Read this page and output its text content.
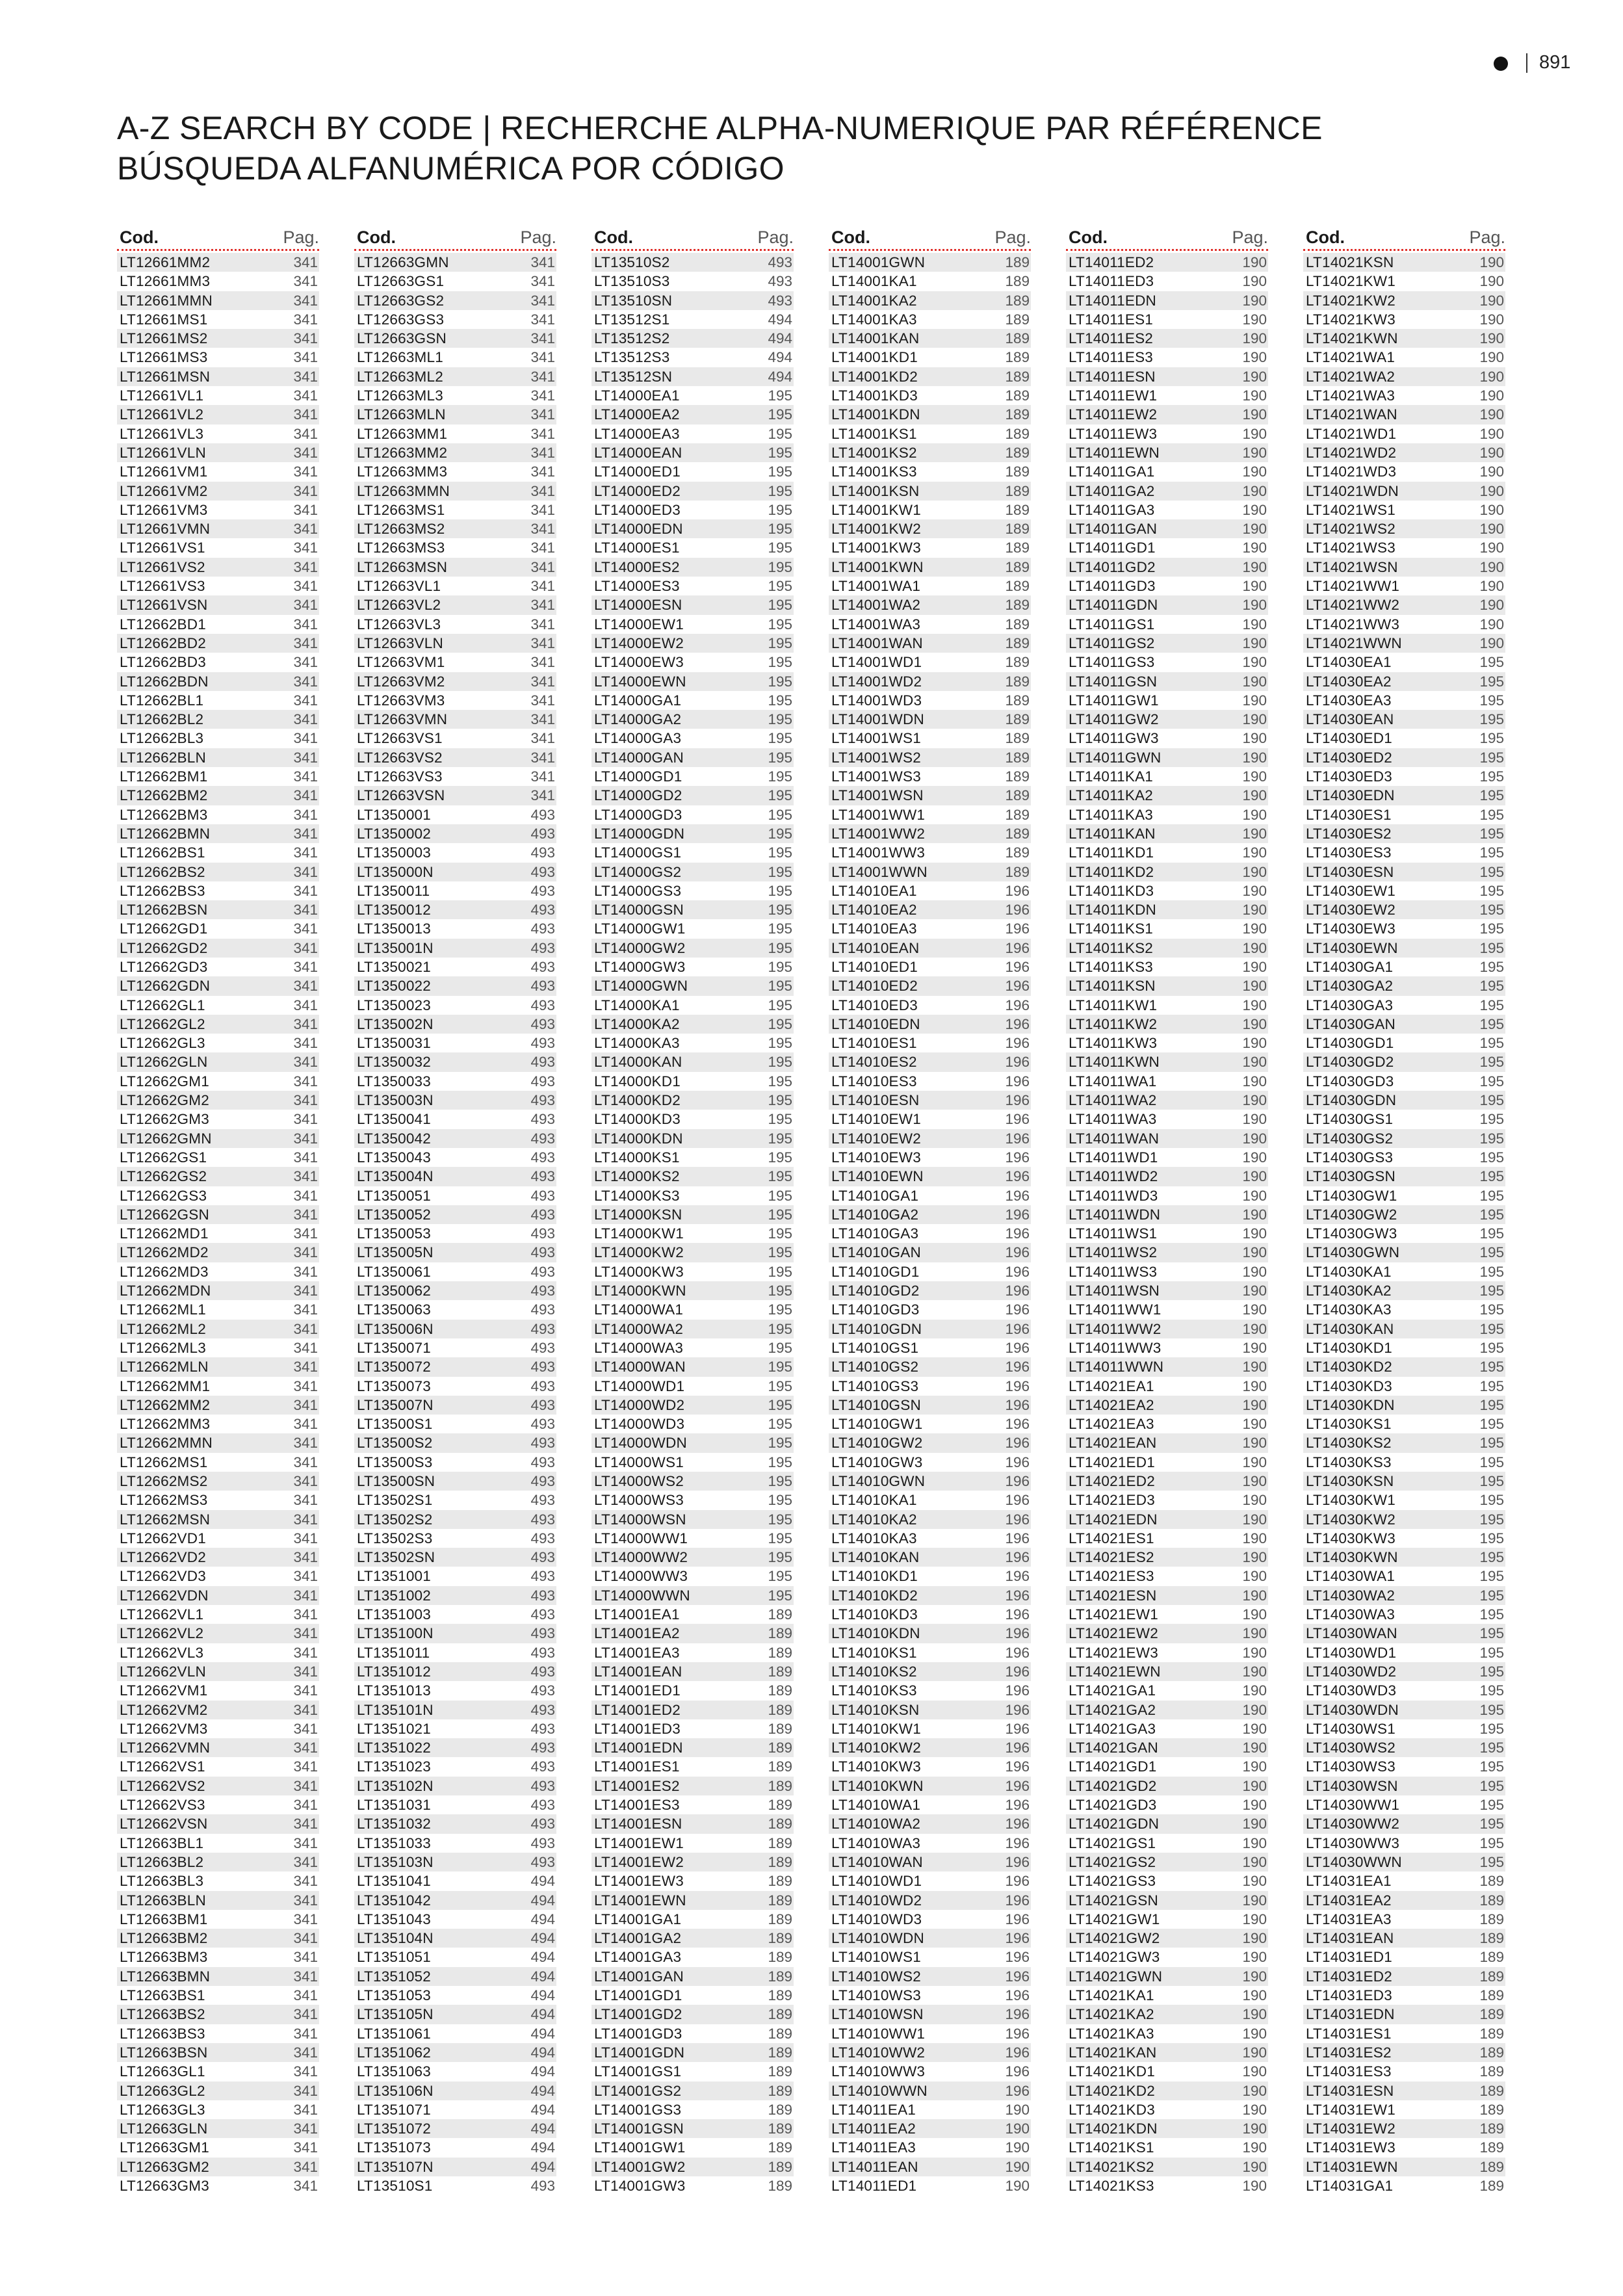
891
A-Z SEARCH BY CODE | RECHERCHE ALPHA-NUMERIQUE PAR RÉFÉRENCE
BÚSQUEDA ALFANUMÉRICA POR CÓDIGO
Cod.	Pag.
LT12661MM2	341
LT12661MM3	341
LT12661MMN	341
LT12661MS1	341
LT12661MS2	341
LT12661MS3	341
LT12661MSN	341
LT12661VL1	341
LT12661VL2	341
LT12661VL3	341
LT12661VLN	341
LT12661VM1	341
LT12661VM2	341
LT12661VM3	341
LT12661VMN	341
LT12661VS1	341
LT12661VS2	341
LT12661VS3	341
LT12661VSN	341
LT12662BD1	341
LT12662BD2	341
LT12662BD3	341
LT12662BDN	341
LT12662BL1	341
LT12662BL2	341
LT12662BL3	341
LT12662BLN	341
LT12662BM1	341
LT12662BM2	341
LT12662BM3	341
LT12662BMN	341
LT12662BS1	341
LT12662BS2	341
LT12662BS3	341
LT12662BSN	341
LT12662GD1	341
LT12662GD2	341
LT12662GD3	341
LT12662GDN	341
LT12662GL1	341
LT12662GL2	341
LT12662GL3	341
LT12662GLN	341
LT12662GM1	341
LT12662GM2	341
LT12662GM3	341
LT12662GMN	341
LT12662GS1	341
LT12662GS2	341
LT12662GS3	341
LT12662GSN	341
LT12662MD1	341
LT12662MD2	341
LT12662MD3	341
LT12662MDN	341
LT12662ML1	341
LT12662ML2	341
LT12662ML3	341
LT12662MLN	341
LT12662MM1	341
LT12662MM2	341
LT12662MM3	341
LT12662MMN	341
LT12662MS1	341
LT12662MS2	341
LT12662MS3	341
LT12662MSN	341
LT12662VD1	341
LT12662VD2	341
LT12662VD3	341
LT12662VDN	341
LT12662VL1	341
LT12662VL2	341
LT12662VL3	341
LT12662VLN	341
LT12662VM1	341
LT12662VM2	341
LT12662VM3	341
LT12662VMN	341
LT12662VS1	341
LT12662VS2	341
LT12662VS3	341
LT12662VSN	341
LT12663BL1	341
LT12663BL2	341
LT12663BL3	341
LT12663BLN	341
LT12663BM1	341
LT12663BM2	341
LT12663BM3	341
LT12663BMN	341
LT12663BS1	341
LT12663BS2	341
LT12663BS3	341
LT12663BSN	341
LT12663GL1	341
LT12663GL2	341
LT12663GL3	341
LT12663GLN	341
LT12663GM1	341
LT12663GM2	341
LT12663GM3	341
Cod.	Pag.
LT12663GMN	341
LT12663GS1	341
LT12663GS2	341
LT12663GS3	341
LT12663GSN	341
LT12663ML1	341
LT12663ML2	341
LT12663ML3	341
LT12663MLN	341
LT12663MM1	341
LT12663MM2	341
LT12663MM3	341
LT12663MMN	341
LT12663MS1	341
LT12663MS2	341
LT12663MS3	341
LT12663MSN	341
LT12663VL1	341
LT12663VL2	341
LT12663VL3	341
LT12663VLN	341
LT12663VM1	341
LT12663VM2	341
LT12663VM3	341
LT12663VMN	341
LT12663VS1	341
LT12663VS2	341
LT12663VS3	341
LT12663VSN	341
LT1350001	493
LT1350002	493
LT1350003	493
LT135000N	493
LT1350011	493
LT1350012	493
LT1350013	493
LT135001N	493
LT1350021	493
LT1350022	493
LT1350023	493
LT135002N	493
LT1350031	493
LT1350032	493
LT1350033	493
LT135003N	493
LT1350041	493
LT1350042	493
LT1350043	493
LT135004N	493
LT1350051	493
LT1350052	493
LT1350053	493
LT135005N	493
LT1350061	493
LT1350062	493
LT1350063	493
LT135006N	493
LT1350071	493
LT1350072	493
LT1350073	493
LT135007N	493
LT13500S1	493
LT13500S2	493
LT13500S3	493
LT13500SN	493
LT13502S1	493
LT13502S2	493
LT13502S3	493
LT13502SN	493
LT1351001	493
LT1351002	493
LT1351003	493
LT135100N	493
LT1351011	493
LT1351012	493
LT1351013	493
LT135101N	493
LT1351021	493
LT1351022	493
LT1351023	493
LT135102N	493
LT1351031	493
LT1351032	493
LT1351033	493
LT135103N	493
LT1351041	494
LT1351042	494
LT1351043	494
LT135104N	494
LT1351051	494
LT1351052	494
LT1351053	494
LT135105N	494
LT1351061	494
LT1351062	494
LT1351063	494
LT135106N	494
LT1351071	494
LT1351072	494
LT1351073	494
LT135107N	494
LT13510S1	493
Cod.	Pag.
LT13510S2	493
LT13510S3	493
LT13510SN	493
LT13512S1	494
LT13512S2	494
LT13512S3	494
LT13512SN	494
LT14000EA1	195
LT14000EA2	195
LT14000EA3	195
LT14000EAN	195
LT14000ED1	195
LT14000ED2	195
LT14000ED3	195
LT14000EDN	195
LT14000ES1	195
LT14000ES2	195
LT14000ES3	195
LT14000ESN	195
LT14000EW1	195
LT14000EW2	195
LT14000EW3	195
LT14000EWN	195
LT14000GA1	195
LT14000GA2	195
LT14000GA3	195
LT14000GAN	195
LT14000GD1	195
LT14000GD2	195
LT14000GD3	195
LT14000GDN	195
LT14000GS1	195
LT14000GS2	195
LT14000GS3	195
LT14000GSN	195
LT14000GW1	195
LT14000GW2	195
LT14000GW3	195
LT14000GWN	195
LT14000KA1	195
LT14000KA2	195
LT14000KA3	195
LT14000KAN	195
LT14000KD1	195
LT14000KD2	195
LT14000KD3	195
LT14000KDN	195
LT14000KS1	195
LT14000KS2	195
LT14000KS3	195
LT14000KSN	195
LT14000KW1	195
LT14000KW2	195
LT14000KW3	195
LT14000KWN	195
LT14000WA1	195
LT14000WA2	195
LT14000WA3	195
LT14000WAN	195
LT14000WD1	195
LT14000WD2	195
LT14000WD3	195
LT14000WDN	195
LT14000WS1	195
LT14000WS2	195
LT14000WS3	195
LT14000WSN	195
LT14000WW1	195
LT14000WW2	195
LT14000WW3	195
LT14000WWN	195
LT14001EA1	189
LT14001EA2	189
LT14001EA3	189
LT14001EAN	189
LT14001ED1	189
LT14001ED2	189
LT14001ED3	189
LT14001EDN	189
LT14001ES1	189
LT14001ES2	189
LT14001ES3	189
LT14001ESN	189
LT14001EW1	189
LT14001EW2	189
LT14001EW3	189
LT14001EWN	189
LT14001GA1	189
LT14001GA2	189
LT14001GA3	189
LT14001GAN	189
LT14001GD1	189
LT14001GD2	189
LT14001GD3	189
LT14001GDN	189
LT14001GS1	189
LT14001GS2	189
LT14001GS3	189
LT14001GSN	189
LT14001GW1	189
LT14001GW2	189
LT14001GW3	189
Cod.	Pag.
LT14001GWN	189
LT14001KA1	189
LT14001KA2	189
LT14001KA3	189
LT14001KAN	189
LT14001KD1	189
LT14001KD2	189
LT14001KD3	189
LT14001KDN	189
LT14001KS1	189
LT14001KS2	189
LT14001KS3	189
LT14001KSN	189
LT14001KW1	189
LT14001KW2	189
LT14001KW3	189
LT14001KWN	189
LT14001WA1	189
LT14001WA2	189
LT14001WA3	189
LT14001WAN	189
LT14001WD1	189
LT14001WD2	189
LT14001WD3	189
LT14001WDN	189
LT14001WS1	189
LT14001WS2	189
LT14001WS3	189
LT14001WSN	189
LT14001WW1	189
LT14001WW2	189
LT14001WW3	189
LT14001WWN	189
LT14010EA1	196
LT14010EA2	196
LT14010EA3	196
LT14010EAN	196
LT14010ED1	196
LT14010ED2	196
LT14010ED3	196
LT14010EDN	196
LT14010ES1	196
LT14010ES2	196
LT14010ES3	196
LT14010ESN	196
LT14010EW1	196
LT14010EW2	196
LT14010EW3	196
LT14010EWN	196
LT14010GA1	196
LT14010GA2	196
LT14010GA3	196
LT14010GAN	196
LT14010GD1	196
LT14010GD2	196
LT14010GD3	196
LT14010GDN	196
LT14010GS1	196
LT14010GS2	196
LT14010GS3	196
LT14010GSN	196
LT14010GW1	196
LT14010GW2	196
LT14010GW3	196
LT14010GWN	196
LT14010KA1	196
LT14010KA2	196
LT14010KA3	196
LT14010KAN	196
LT14010KD1	196
LT14010KD2	196
LT14010KD3	196
LT14010KDN	196
LT14010KS1	196
LT14010KS2	196
LT14010KS3	196
LT14010KSN	196
LT14010KW1	196
LT14010KW2	196
LT14010KW3	196
LT14010KWN	196
LT14010WA1	196
LT14010WA2	196
LT14010WA3	196
LT14010WAN	196
LT14010WD1	196
LT14010WD2	196
LT14010WD3	196
LT14010WDN	196
LT14010WS1	196
LT14010WS2	196
LT14010WS3	196
LT14010WSN	196
LT14010WW1	196
LT14010WW2	196
LT14010WW3	196
LT14010WWN	196
LT14011EA1	190
LT14011EA2	190
LT14011EA3	190
LT14011EAN	190
LT14011ED1	190
Cod.	Pag.
LT14011ED2	190
LT14011ED3	190
LT14011EDN	190
LT14011ES1	190
LT14011ES2	190
LT14011ES3	190
LT14011ESN	190
LT14011EW1	190
LT14011EW2	190
LT14011EW3	190
LT14011EWN	190
LT14011GA1	190
LT14011GA2	190
LT14011GA3	190
LT14011GAN	190
LT14011GD1	190
LT14011GD2	190
LT14011GD3	190
LT14011GDN	190
LT14011GS1	190
LT14011GS2	190
LT14011GS3	190
LT14011GSN	190
LT14011GW1	190
LT14011GW2	190
LT14011GW3	190
LT14011GWN	190
LT14011KA1	190
LT14011KA2	190
LT14011KA3	190
LT14011KAN	190
LT14011KD1	190
LT14011KD2	190
LT14011KD3	190
LT14011KDN	190
LT14011KS1	190
LT14011KS2	190
LT14011KS3	190
LT14011KSN	190
LT14011KW1	190
LT14011KW2	190
LT14011KW3	190
LT14011KWN	190
LT14011WA1	190
LT14011WA2	190
LT14011WA3	190
LT14011WAN	190
LT14011WD1	190
LT14011WD2	190
LT14011WD3	190
LT14011WDN	190
LT14011WS1	190
LT14011WS2	190
LT14011WS3	190
LT14011WSN	190
LT14011WW1	190
LT14011WW2	190
LT14011WW3	190
LT14011WWN	190
LT14021EA1	190
LT14021EA2	190
LT14021EA3	190
LT14021EAN	190
LT14021ED1	190
LT14021ED2	190
LT14021ED3	190
LT14021EDN	190
LT14021ES1	190
LT14021ES2	190
LT14021ES3	190
LT14021ESN	190
LT14021EW1	190
LT14021EW2	190
LT14021EW3	190
LT14021EWN	190
LT14021GA1	190
LT14021GA2	190
LT14021GA3	190
LT14021GAN	190
LT14021GD1	190
LT14021GD2	190
LT14021GD3	190
LT14021GDN	190
LT14021GS1	190
LT14021GS2	190
LT14021GS3	190
LT14021GSN	190
LT14021GW1	190
LT14021GW2	190
LT14021GW3	190
LT14021GWN	190
LT14021KA1	190
LT14021KA2	190
LT14021KA3	190
LT14021KAN	190
LT14021KD1	190
LT14021KD2	190
LT14021KD3	190
LT14021KDN	190
LT14021KS1	190
LT14021KS2	190
LT14021KS3	190
Cod.	Pag.
LT14021KSN	190
LT14021KW1	190
LT14021KW2	190
LT14021KW3	190
LT14021KWN	190
LT14021WA1	190
LT14021WA2	190
LT14021WA3	190
LT14021WAN	190
LT14021WD1	190
LT14021WD2	190
LT14021WD3	190
LT14021WDN	190
LT14021WS1	190
LT14021WS2	190
LT14021WS3	190
LT14021WSN	190
LT14021WW1	190
LT14021WW2	190
LT14021WW3	190
LT14021WWN	190
LT14030EA1	195
LT14030EA2	195
LT14030EA3	195
LT14030EAN	195
LT14030ED1	195
LT14030ED2	195
LT14030ED3	195
LT14030EDN	195
LT14030ES1	195
LT14030ES2	195
LT14030ES3	195
LT14030ESN	195
LT14030EW1	195
LT14030EW2	195
LT14030EW3	195
LT14030EWN	195
LT14030GA1	195
LT14030GA2	195
LT14030GA3	195
LT14030GAN	195
LT14030GD1	195
LT14030GD2	195
LT14030GD3	195
LT14030GDN	195
LT14030GS1	195
LT14030GS2	195
LT14030GS3	195
LT14030GSN	195
LT14030GW1	195
LT14030GW2	195
LT14030GW3	195
LT14030GWN	195
LT14030KA1	195
LT14030KA2	195
LT14030KA3	195
LT14030KAN	195
LT14030KD1	195
LT14030KD2	195
LT14030KD3	195
LT14030KDN	195
LT14030KS1	195
LT14030KS2	195
LT14030KS3	195
LT14030KSN	195
LT14030KW1	195
LT14030KW2	195
LT14030KW3	195
LT14030KWN	195
LT14030WA1	195
LT14030WA2	195
LT14030WA3	195
LT14030WAN	195
LT14030WD1	195
LT14030WD2	195
LT14030WD3	195
LT14030WDN	195
LT14030WS1	195
LT14030WS2	195
LT14030WS3	195
LT14030WSN	195
LT14030WW1	195
LT14030WW2	195
LT14030WW3	195
LT14030WWN	195
LT14031EA1	189
LT14031EA2	189
LT14031EA3	189
LT14031EAN	189
LT14031ED1	189
LT14031ED2	189
LT14031ED3	189
LT14031EDN	189
LT14031ES1	189
LT14031ES2	189
LT14031ES3	189
LT14031ESN	189
LT14031EW1	189
LT14031EW2	189
LT14031EW3	189
LT14031EWN	189
LT14031GA1	189
